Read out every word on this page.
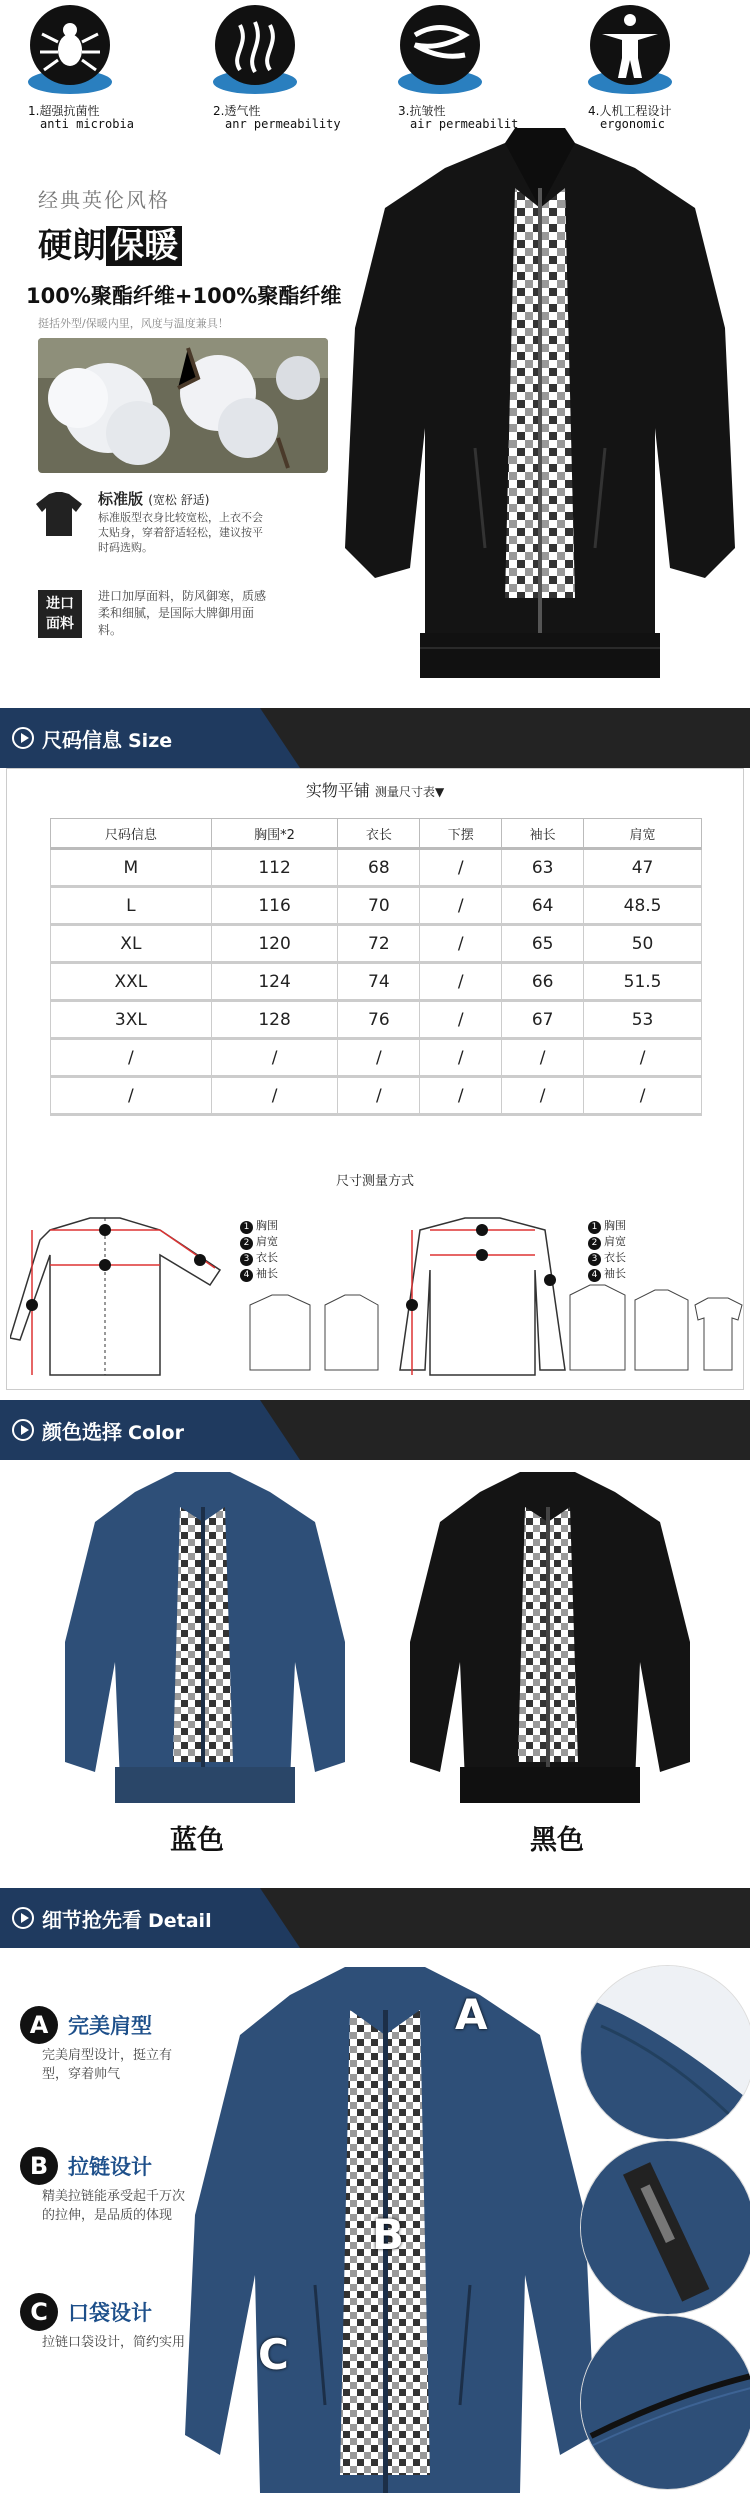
1.超强抗菌性
anti microbia
2.透气性
anr permeability
3.抗皱性
air permeabilit
4.人机工程设计
ergonomic
经典英伦风格
硬朗 保暖
100%聚酯纤维+100%聚酯纤维
挺括外型/保暖内里，风度与温度兼具！
标准版 (宽松 舒适)
标准版型衣身比较宽松，上衣不会太贴身，穿着舒适轻松，建议按平时码选购。
进口
面料
进口加厚面料，防风御寒，质感柔和细腻，是国际大牌御用面料。
尺码信息 Size
实物平铺 测量尺寸表▼
尺码信息	胸围*2	衣长	下摆	袖长	肩宽
M	112	68	/	63	47
L	116	70	/	64	48.5
XL	120	72	/	65	50
XXL	124	74	/	66	51.5
3XL	128	76	/	67	53
/	/	/	/	/	/
/	/	/	/	/	/
尺寸测量方式
1 胸围
2 肩宽
3 衣长
4 袖长
1 胸围
2 肩宽
3 衣长
4 袖长
颜色选择 Color
蓝色	黑色
细节抢先看 Detail
A
B
C
A 完美肩型
完美肩型设计，挺立有型，穿着帅气
B 拉链设计
精美拉链能承受起千万次的拉伸，是品质的体现
C 口袋设计
拉链口袋设计，简约实用
